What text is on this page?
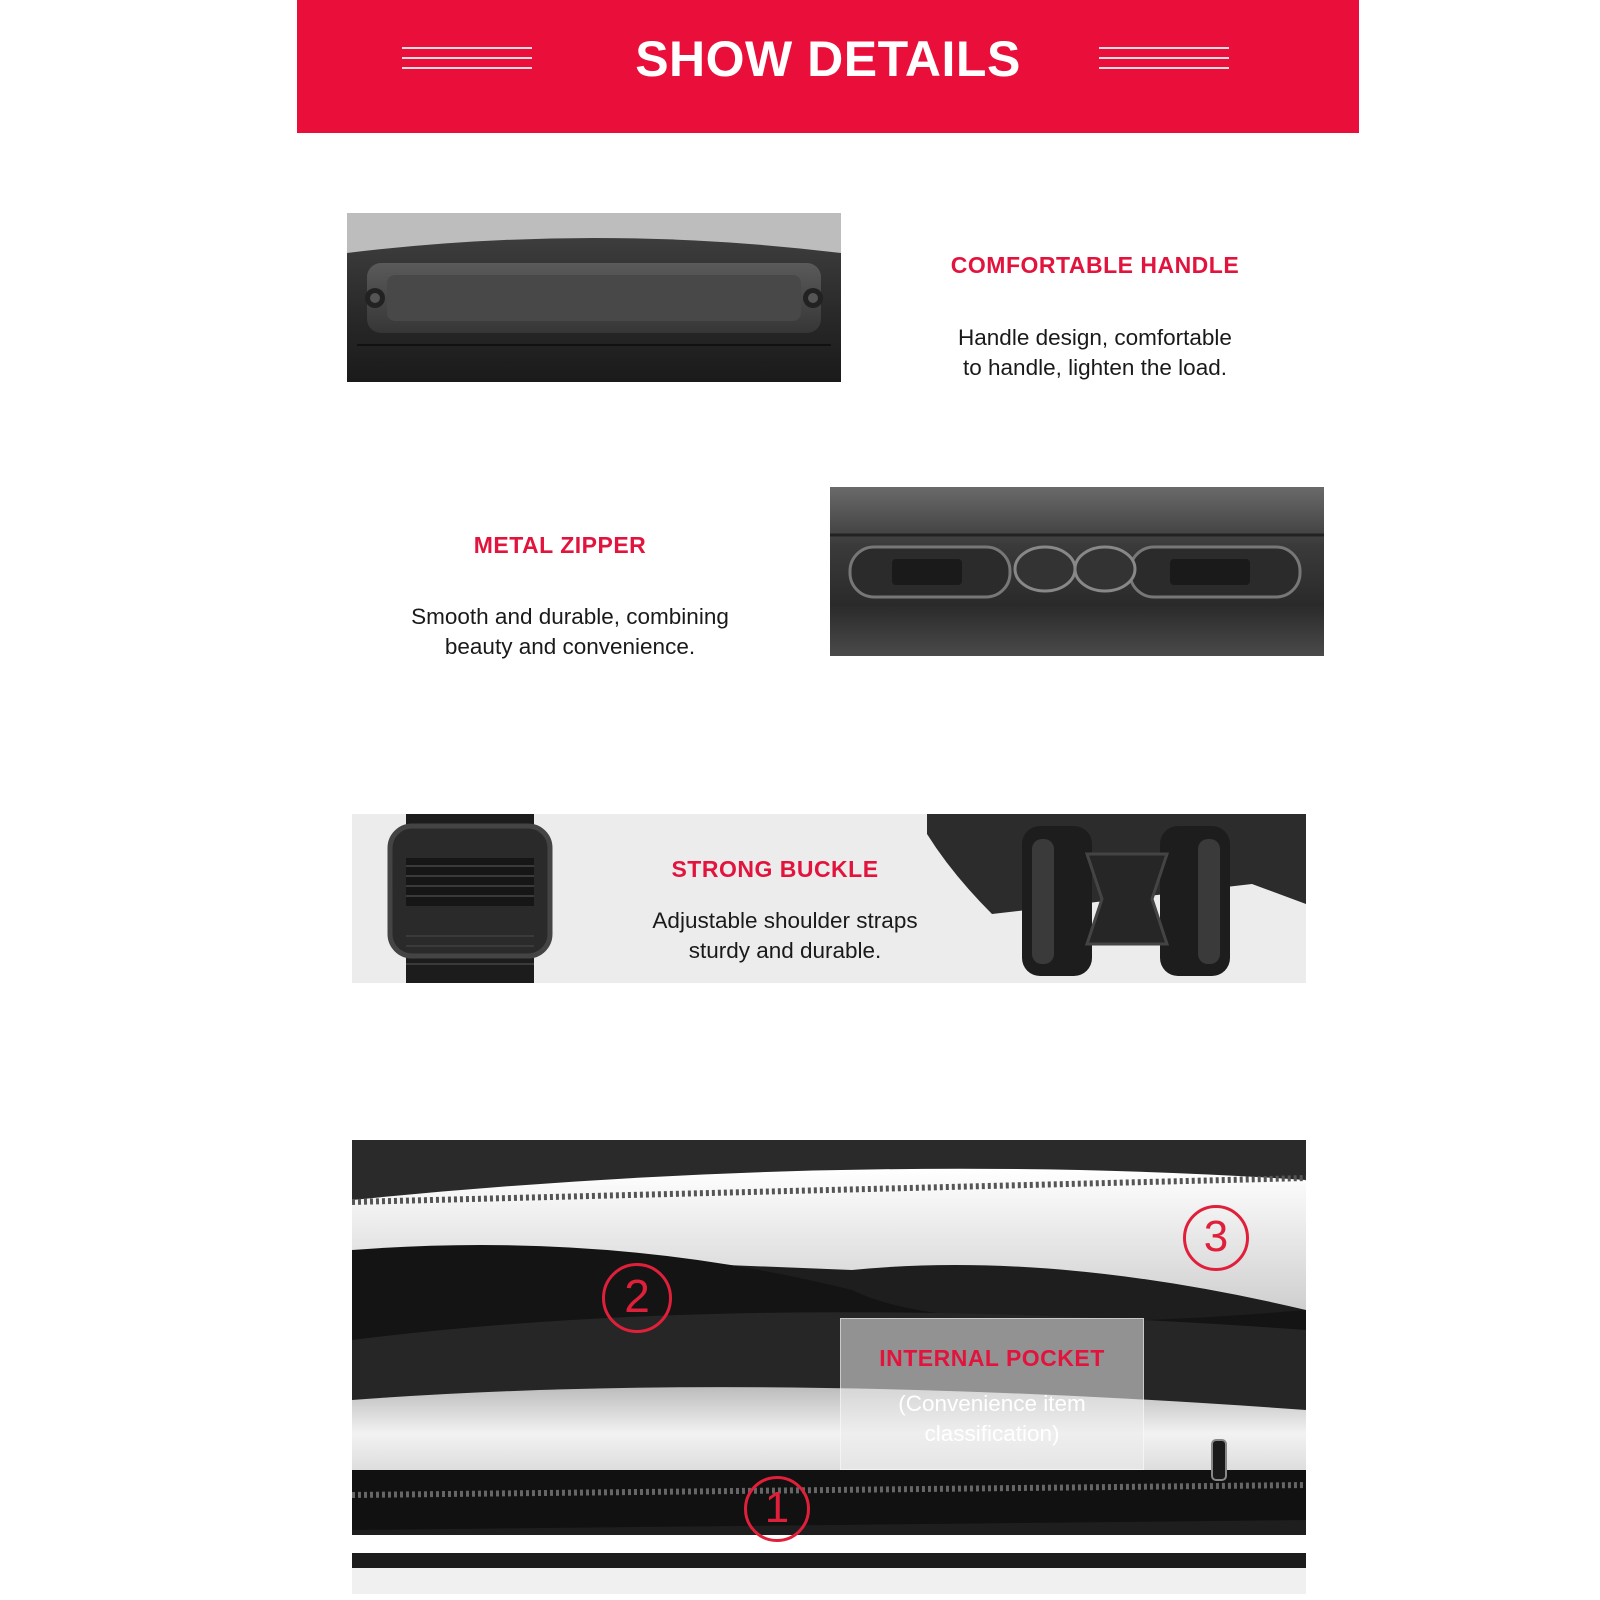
SHOW DETAILS
COMFORTABLE HANDLE
Handle design, comfortable
to handle, lighten the load.
METAL ZIPPER
Smooth and durable, combining
beauty and convenience.
STRONG BUCKLE
Adjustable shoulder straps
sturdy and durable.
2
3
1
INTERNAL POCKET
(Convenience item
classification)
